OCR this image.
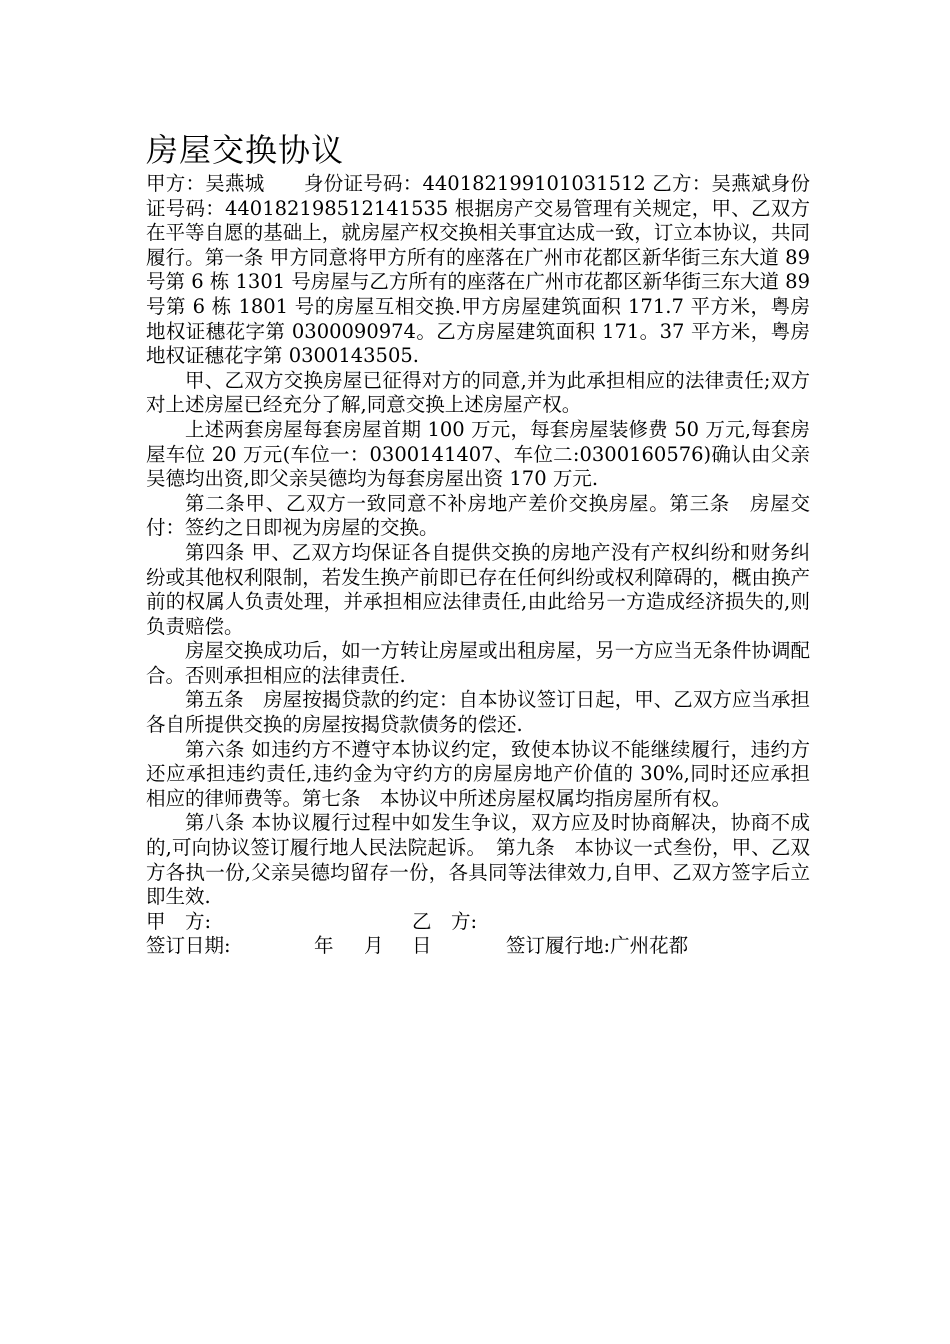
房屋交换协议

甲方：吴燕城　　身份证号码：440182199101031512 乙方：吴燕斌身份证号码：440182198512141535 根据房产交易管理有关规定，甲、乙双方在平等自愿的基础上，就房屋产权交换相关事宜达成一致，订立本协议，共同履行。第一条 甲方同意将甲方所有的座落在广州市花都区新华街三东大道 89 号第 6 栋 1301 号房屋与乙方所有的座落在广州市花都区新华街三东大道 89 号第 6 栋 1801 号的房屋互相交换.甲方房屋建筑面积 171.7 平方米，粤房地权证穗花字第 0300090974。乙方房屋建筑面积 171。37 平方米，粤房地权证穗花字第 0300143505.

甲、乙双方交换房屋已征得对方的同意,并为此承担相应的法律责任;双方对上述房屋已经充分了解,同意交换上述房屋产权。

上述两套房屋每套房屋首期 100 万元，每套房屋装修费 50 万元,每套房屋车位 20 万元(车位一：0300141407、车位二:0300160576)确认由父亲吴德均出资,即父亲吴德均为每套房屋出资 170 万元.

第二条甲、乙双方一致同意不补房地产差价交换房屋。第三条　房屋交付：签约之日即视为房屋的交换。

第四条 甲、乙双方均保证各自提供交换的房地产没有产权纠纷和财务纠纷或其他权利限制，若发生换产前即已存在任何纠纷或权利障碍的，概由换产前的权属人负责处理，并承担相应法律责任,由此给另一方造成经济损失的,则负责赔偿。

房屋交换成功后，如一方转让房屋或出租房屋，另一方应当无条件协调配合。否则承担相应的法律责任.

第五条　房屋按揭贷款的约定：自本协议签订日起，甲、乙双方应当承担各自所提供交换的房屋按揭贷款债务的偿还.

第六条 如违约方不遵守本协议约定，致使本协议不能继续履行，违约方还应承担违约责任,违约金为守约方的房屋房地产价值的 30%,同时还应承担相应的律师费等。第七条　本协议中所述房屋权属均指房屋所有权。

第八条 本协议履行过程中如发生争议，双方应及时协商解决，协商不成的,可向协议签订履行地人民法院起诉。　第九条　本协议一式叁份，甲、乙双方各执一份,父亲吴德均留存一份，各具同等法律效力,自甲、乙双方签字后立即生效.

甲　方:	乙　方:
签订日期:	年 月 日	签订履行地:广州花都
